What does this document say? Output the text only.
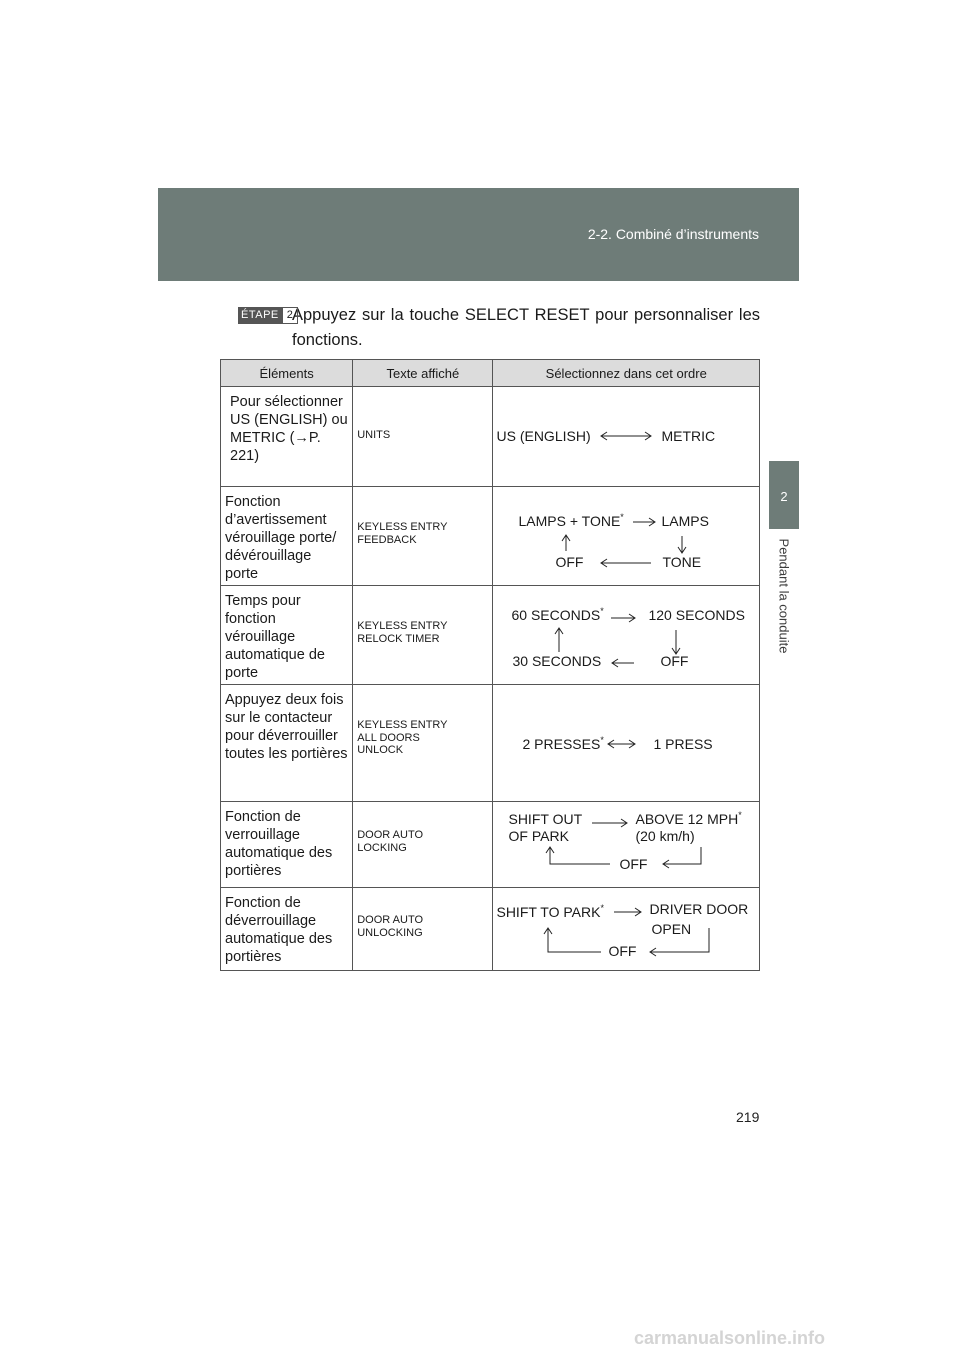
2-2. Combiné d’instruments
2
Pendant la conduite
ÉTAPE 2 Appuyez sur la touche SELECT RESET pour personnaliser les fonctions.
Éléments	Texte affiché	Sélectionnez dans cet ordre

Pour sélectionner US (ENGLISH) ou METRIC (→P. 221)	UNITS	US (ENGLISH) METRIC

Fonction d’avertissement vérouillage porte/ dévérouillage porte	KEYLESS ENTRY
FEEDBACK	LAMPS + TONE* LAMPS
TONE
OFF

Temps pour fonction vérouillage automatique de porte	KEYLESS ENTRY
RELOCK TIMER	60 SECONDS* 120 SECONDS
OFF
30 SECONDS

Appuyez deux fois sur le contacteur pour déverrouiller toutes les portières	KEYLESS ENTRY
ALL DOORS
UNLOCK	2 PRESSES* 1 PRESS

Fonction de verrouillage automatique des portières	DOOR AUTO
LOCKING	SHIFT OUT
OF PARK
ABOVE 12 MPH*
(20 km/h)
OFF

Fonction de déverrouillage automatique des portières	DOOR AUTO
UNLOCKING	SHIFT TO PARK* DRIVER DOOR
OPEN
OFF
219
carmanualsonline.info
